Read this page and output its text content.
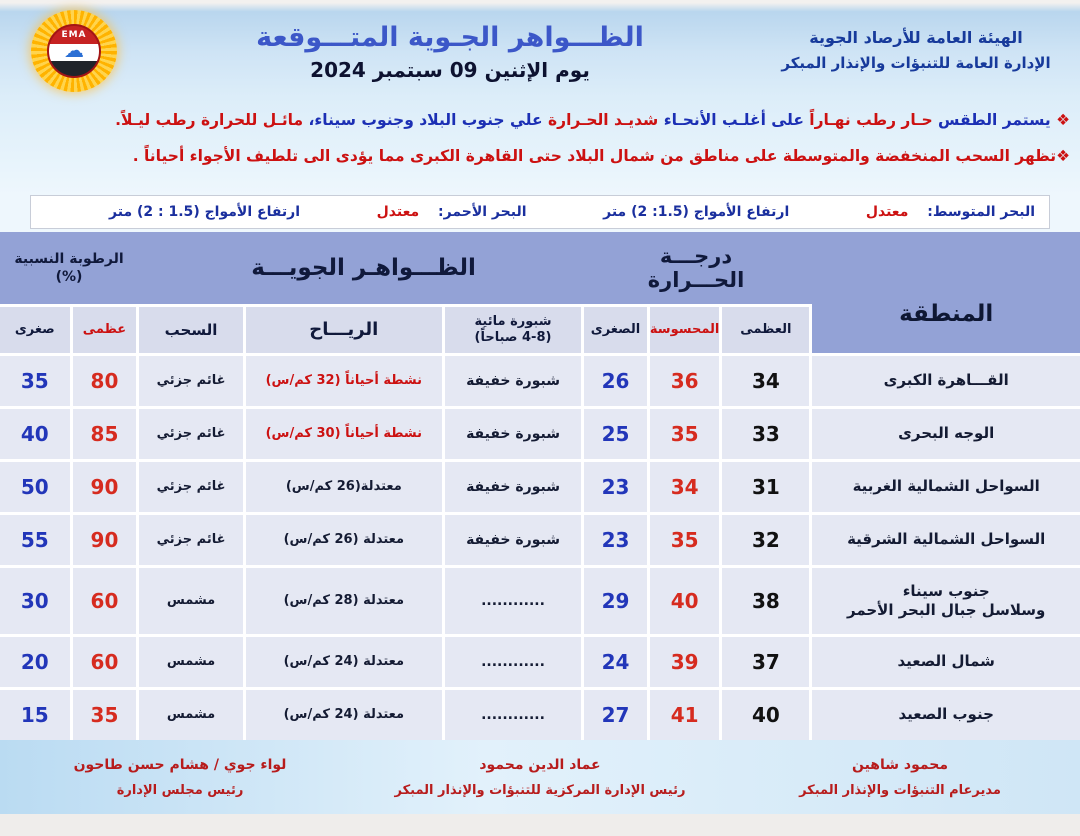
الهيئة العامة للأرصاد الجوية
الإدارة العامة للتنبؤات والإنذار المبكر
الظـــواهر الجـوية المتـــوقعة
يوم الإثنين 09 سبتمبر 2024
EMA
☁
❖ يستمر الطقس حـار رطب نهـاراً على أغلـب الأنحـاء شديـد الحـرارة علي جنوب البلاد وجنوب سيناء، مائـل للحرارة رطب ليـلاً.
❖تظهر السحب المنخفضة والمتوسطة على مناطق من شمال البلاد حتى القاهرة الكبرى مما يؤدى الى تلطيف الأجواء أحياناً .
البحر المتوسط: معتدل
ارتفاع الأمواج (1.5: 2) متر
البحر الأحمر: معتدل
ارتفاع الأمواج (1.5 : 2) متر
درجـــة
الحـــرارة
الظـــواهـر الجويـــة
الرطوبة النسبية
(%)
المنطقة
العظمى
المحسوسة
الصغرى
شبورة مائية
(4-8 صباحاً)
الريـــاح
السحب
عظمى
صغرى
القـــاهرة الكبرى
34
36
26
شبورة خفيفة
نشطة أحياناً (32 كم/س)
غائم جزئي
80
35
الوجه البحرى
33
35
25
شبورة خفيفة
نشطة أحياناً (30 كم/س)
غائم جزئي
85
40
السواحل الشمالية الغربية
31
34
23
شبورة خفيفة
معتدلة(26 كم/س)
غائم جزئي
90
50
السواحل الشمالية الشرقية
32
35
23
شبورة خفيفة
معتدلة (26 كم/س)
غائم جزئي
90
55
جنوب سيناء
وسلاسل جبال البحر الأحمر
38
40
29
............
معتدلة (28 كم/س)
مشمس
60
30
شمال الصعيد
37
39
24
............
معتدلة (24 كم/س)
مشمس
60
20
جنوب الصعيد
40
41
27
............
معتدلة (24 كم/س)
مشمس
35
15
محمود شاهين
مديرعام التنبؤات والإنذار المبكر
عماد الدين محمود
رئيس الإدارة المركزية للتنبؤات والإنذار المبكر
لواء جوي / هشام حسن طاحون
رئيس مجلس الإدارة
